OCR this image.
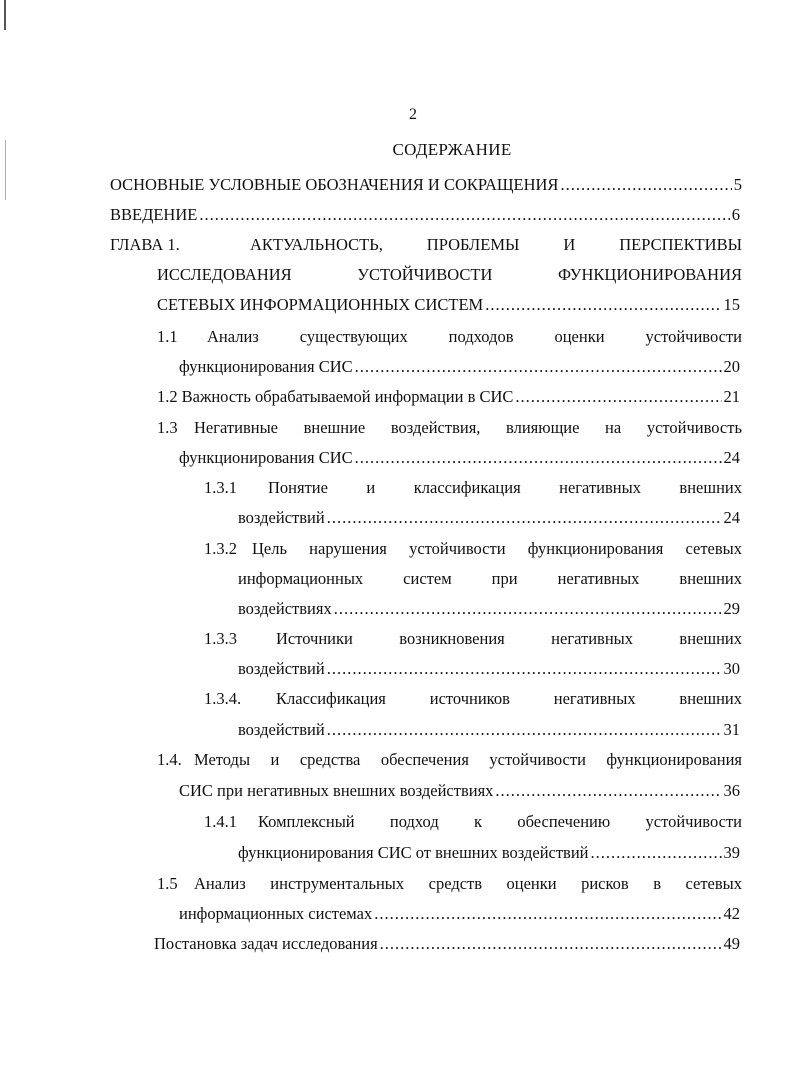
2
СОДЕРЖАНИЕ
ОСНОВНЫЕ УСЛОВНЫЕ ОБОЗНАЧЕНИЯ И СОКРАЩЕНИЯ .....	5
ВВЕДЕНИЕ .....	6
ГЛАВА 1.	АКТУАЛЬНОСТЬ, ПРОБЛЕМЫ И ПЕРСПЕКТИВЫ
ИССЛЕДОВАНИЯ УСТОЙЧИВОСТИ ФУНКЦИОНИРОВАНИЯ
СЕТЕВЫХ ИНФОРМАЦИОННЫХ СИСТЕМ .....	15
1.1 Анализ существующих подходов оценки устойчивости
функционирования СИС .....	20
1.2 Важность обрабатываемой информации в СИС .....	21
1.3 Негативные внешние воздействия, влияющие на устойчивость
функционирования СИС .....	24
1.3.1 Понятие и классификация негативных внешних
воздействий .....	24
1.3.2 Цель нарушения устойчивости функционирования сетевых
информационных систем при негативных внешних
воздействиях .....	29
1.3.3 Источники возникновения негативных внешних
воздействий .....	30
1.3.4. Классификация источников негативных внешних
воздействий .....	31
1.4. Методы и средства обеспечения устойчивости функционирования
СИС при негативных внешних воздействиях .....	36
1.4.1 Комплексный подход к обеспечению устойчивости
функционирования СИС от внешних воздействий .....	39
1.5 Анализ инструментальных средств оценки рисков в сетевых
информационных системах .....	42
Постановка задач исследования .....	49
